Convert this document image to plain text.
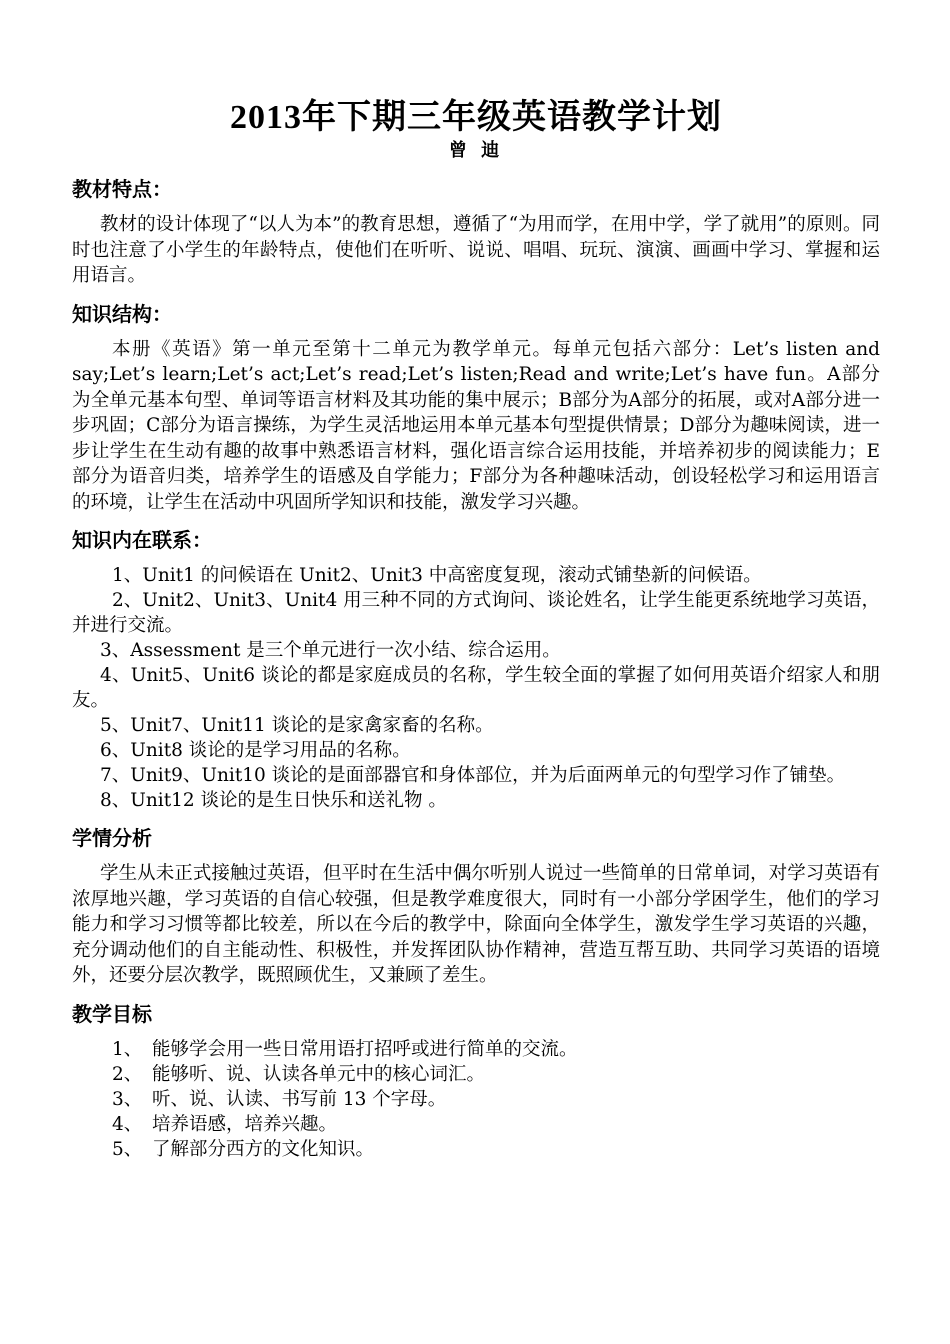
2013年下期三年级英语教学计划
曾 迪
教材特点：

教材的设计体现了“以人为本”的教育思想，遵循了“为用而学，在用中学，学了就用”的原则。同时也注意了小学生的年龄特点，使他们在听听、说说、唱唱、玩玩、演演、画画中学习、掌握和运用语言。

知识结构：

本册《英语》第一单元至第十二单元为教学单元。每单元包括六部分：Let’s listen and say;Let’s learn;Let’s act;Let’s read;Let’s listen;Read and write;Let’s have fun。A部分为全单元基本句型、单词等语言材料及其功能的集中展示；B部分为A部分的拓展，或对A部分进一步巩固；C部分为语言操练，为学生灵活地运用本单元基本句型提供情景；D部分为趣味阅读，进一步让学生在生动有趣的故事中熟悉语言材料，强化语言综合运用技能，并培养初步的阅读能力；E部分为语音归类，培养学生的语感及自学能力；F部分为各种趣味活动，创设轻松学习和运用语言的环境，让学生在活动中巩固所学知识和技能，激发学习兴趣。

知识内在联系：

1、Unit1 的问候语在 Unit2、Unit3 中高密度复现，滚动式铺垫新的问候语。

2、Unit2、Unit3、Unit4 用三种不同的方式询问、谈论姓名，让学生能更系统地学习英语，并进行交流。

3、Assessment 是三个单元进行一次小结、综合运用。

4、Unit5、Unit6 谈论的都是家庭成员的名称，学生较全面的掌握了如何用英语介绍家人和朋友。

5、Unit7、Unit11 谈论的是家禽家畜的名称。

6、Unit8 谈论的是学习用品的名称。

7、Unit9、Unit10 谈论的是面部器官和身体部位，并为后面两单元的句型学习作了铺垫。

8、Unit12 谈论的是生日快乐和送礼物 。

学情分析

学生从未正式接触过英语，但平时在生活中偶尔听别人说过一些简单的日常单词，对学习英语有浓厚地兴趣，学习英语的自信心较强，但是教学难度很大，同时有一小部分学困学生，他们的学习能力和学习习惯等都比较差，所以在今后的教学中，除面向全体学生，激发学生学习英语的兴趣，充分调动他们的自主能动性、积极性，并发挥团队协作精神，营造互帮互助、共同学习英语的语境外，还要分层次教学，既照顾优生，又兼顾了差生。

教学目标
1、 能够学会用一些日常用语打招呼或进行简单的交流。
2、 能够听、说、认读各单元中的核心词汇。
3、 听、说、认读、书写前 13 个字母。
4、 培养语感，培养兴趣。
5、 了解部分西方的文化知识。
